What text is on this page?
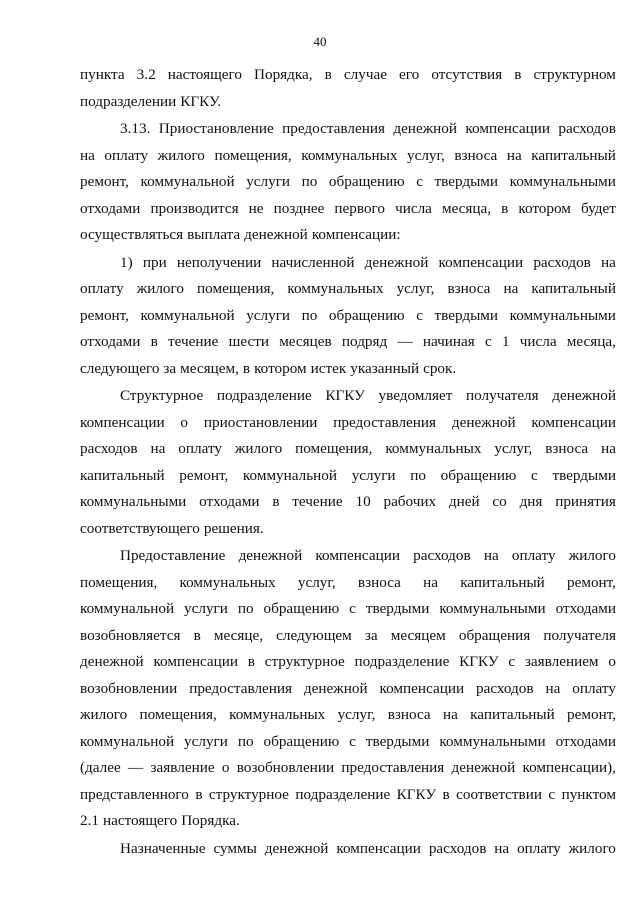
40
пункта 3.2 настоящего Порядка, в случае его отсутствия в структурном
подразделении КГКУ.
3.13. Приостановление предоставления денежной компенсации расходов
на оплату жилого помещения, коммунальных услуг, взноса на капитальный
ремонт, коммунальной услуги по обращению с твердыми коммунальными
отходами производится не позднее первого числа месяца, в котором будет
осуществляться выплата денежной компенсации:
1) при неполучении начисленной денежной компенсации расходов на
оплату жилого помещения, коммунальных услуг, взноса на капитальный
ремонт, коммунальной услуги по обращению с твердыми коммунальными
отходами в течение шести месяцев подряд — начиная с 1 числа месяца,
следующего за месяцем, в котором истек указанный срок.
Структурное подразделение КГКУ уведомляет получателя денежной
компенсации о приостановлении предоставления денежной компенсации
расходов на оплату жилого помещения, коммунальных услуг, взноса на
капитальный ремонт, коммунальной услуги по обращению с твердыми
коммунальными отходами в течение 10 рабочих дней со дня принятия
соответствующего решения.
Предоставление денежной компенсации расходов на оплату жилого
помещения, коммунальных услуг, взноса на капитальный ремонт,
коммунальной услуги по обращению с твердыми коммунальными отходами
возобновляется в месяце, следующем за месяцем обращения получателя
денежной компенсации в структурное подразделение КГКУ с заявлением о
возобновлении предоставления денежной компенсации расходов на оплату
жилого помещения, коммунальных услуг, взноса на капитальный ремонт,
коммунальной услуги по обращению с твердыми коммунальными отходами
(далее — заявление о возобновлении предоставления денежной компенсации),
представленного в структурное подразделение КГКУ в соответствии с пунктом
2.1 настоящего Порядка.
Назначенные суммы денежной компенсации расходов на оплату жилого
